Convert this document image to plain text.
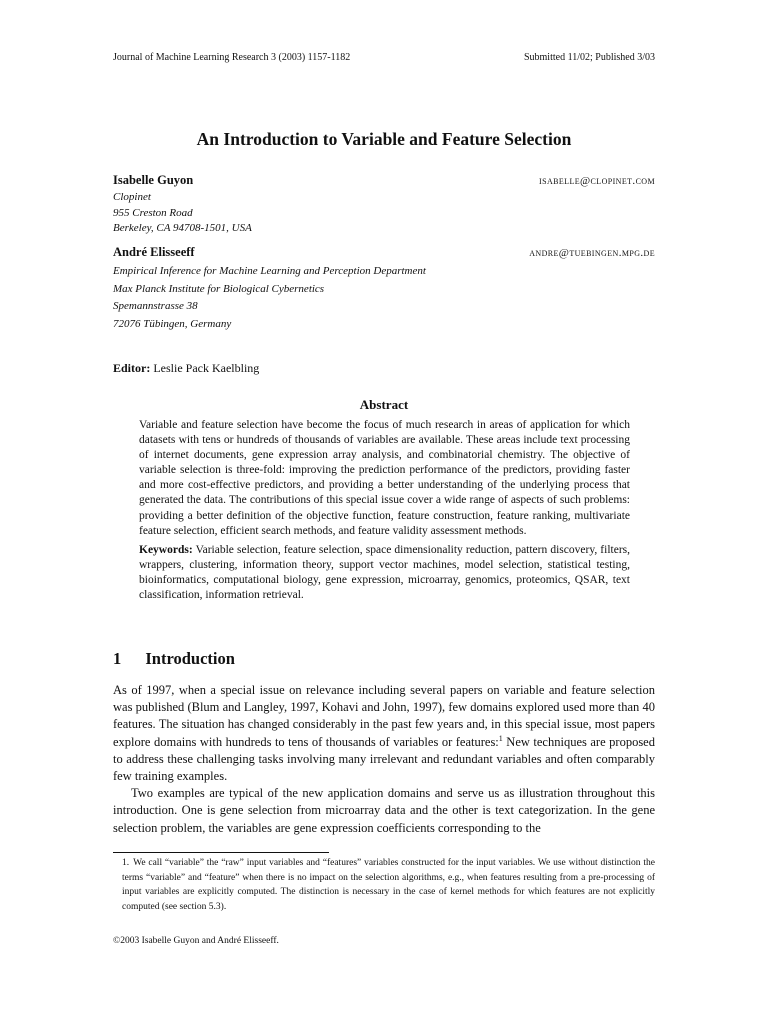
Journal of Machine Learning Research 3 (2003) 1157-1182	Submitted 11/02; Published 3/03
An Introduction to Variable and Feature Selection
Isabelle Guyon	isabelle@clopinet.com
Clopinet
955 Creston Road
Berkeley, CA 94708-1501, USA
André Elisseeff	andre@tuebingen.mpg.de
Empirical Inference for Machine Learning and Perception Department
Max Planck Institute for Biological Cybernetics
Spemannstrasse 38
72076 Tübingen, Germany
Editor: Leslie Pack Kaelbling
Abstract

Variable and feature selection have become the focus of much research in areas of application for which datasets with tens or hundreds of thousands of variables are available. These areas include text processing of internet documents, gene expression array analysis, and combinatorial chemistry. The objective of variable selection is three-fold: improving the prediction performance of the predictors, providing faster and more cost-effective predictors, and providing a better understanding of the underlying process that generated the data. The contributions of this special issue cover a wide range of aspects of such problems: providing a better definition of the objective function, feature construction, feature ranking, multivariate feature selection, efficient search methods, and feature validity assessment methods.

Keywords: Variable selection, feature selection, space dimensionality reduction, pattern discovery, filters, wrappers, clustering, information theory, support vector machines, model selection, statistical testing, bioinformatics, computational biology, gene expression, microarray, genomics, proteomics, QSAR, text classification, information retrieval.

1 Introduction

As of 1997, when a special issue on relevance including several papers on variable and feature selection was published (Blum and Langley, 1997, Kohavi and John, 1997), few domains explored used more than 40 features. The situation has changed considerably in the past few years and, in this special issue, most papers explore domains with hundreds to tens of thousands of variables or features:$^1$ New techniques are proposed to address these challenging tasks involving many irrelevant and redundant variables and often comparably few training examples.

Two examples are typical of the new application domains and serve us as illustration throughout this introduction. One is gene selection from microarray data and the other is text categorization. In the gene selection problem, the variables are gene expression coefficients corresponding to the

1. We call “variable” the “raw” input variables and “features” variables constructed for the input variables. We use without distinction the terms “variable” and “feature” when there is no impact on the selection algorithms, e.g., when features resulting from a pre-processing of input variables are explicitly computed. The distinction is necessary in the case of kernel methods for which features are not explicitly computed (see section 5.3).
©2003 Isabelle Guyon and André Elisseeff.
